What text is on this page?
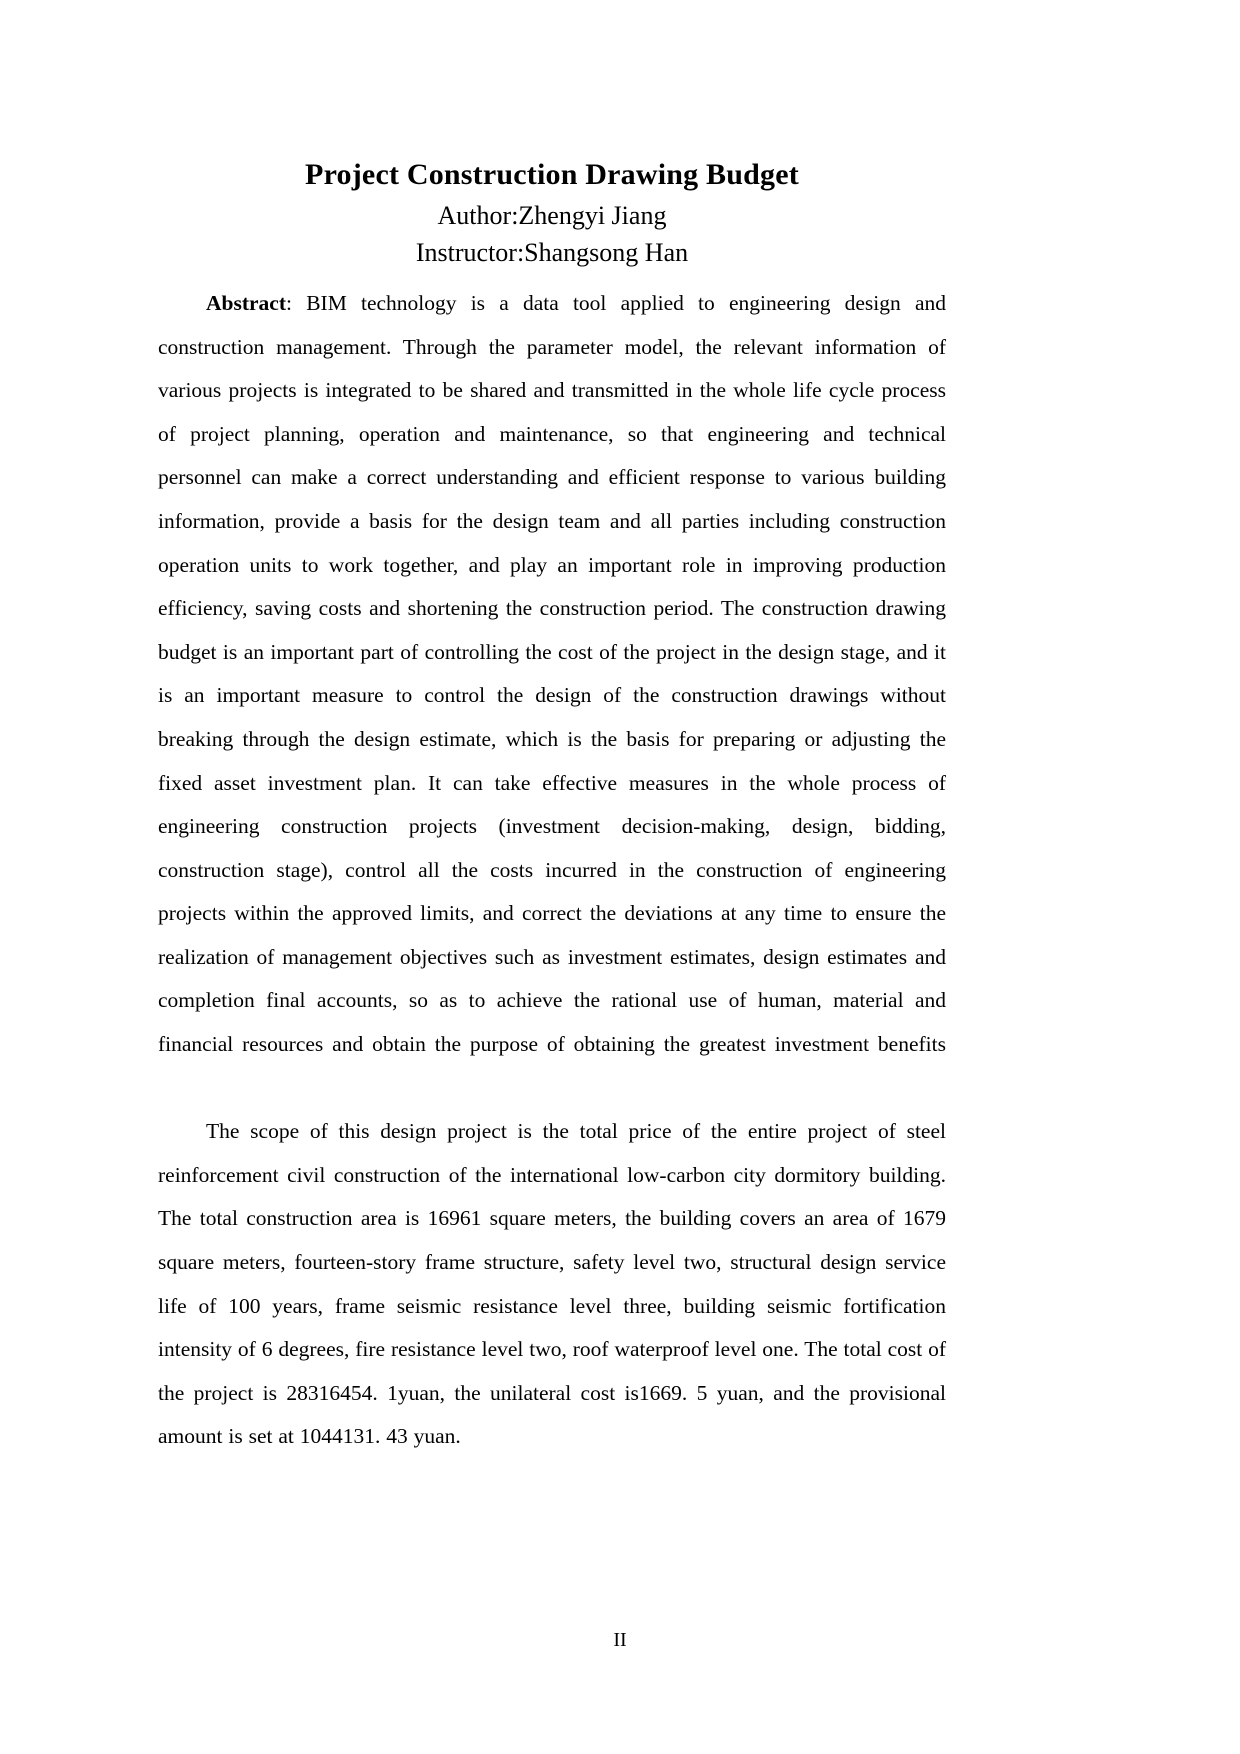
Project Construction Drawing Budget
Author:Zhengyi Jiang
Instructor:Shangsong Han

Abstract: BIM technology is a data tool applied to engineering design and construction management. Through the parameter model, the relevant information of various projects is integrated to be shared and transmitted in the whole life cycle process of project planning, operation and maintenance, so that engineering and technical personnel can make a correct understanding and efficient response to various building information, provide a basis for the design team and all parties including construction operation units to work together, and play an important role in improving production efficiency, saving costs and shortening the construction period. The construction drawing budget is an important part of controlling the cost of the project in the design stage, and it is an important measure to control the design of the construction drawings without breaking through the design estimate, which is the basis for preparing or adjusting the fixed asset investment plan. It can take effective measures in the whole process of engineering construction projects (investment decision-making, design, bidding, construction stage), control all the costs incurred in the construction of engineering projects within the approved limits, and correct the deviations at any time to ensure the realization of management objectives such as investment estimates, design estimates and completion final accounts, so as to achieve the rational use of human, material and financial resources and obtain the purpose of obtaining the greatest investment benefits

The scope of this design project is the total price of the entire project of steel reinforcement civil construction of the international low-carbon city dormitory building. The total construction area is 16961 square meters, the building covers an area of 1679 square meters, fourteen-story frame structure, safety level two, structural design service life of 100 years, frame seismic resistance level three, building seismic fortification intensity of 6 degrees, fire resistance level two, roof waterproof level one. The total cost of the project is 28316454. 1yuan, the unilateral cost is1669. 5 yuan, and the provisional amount is set at 1044131. 43 yuan.

II
